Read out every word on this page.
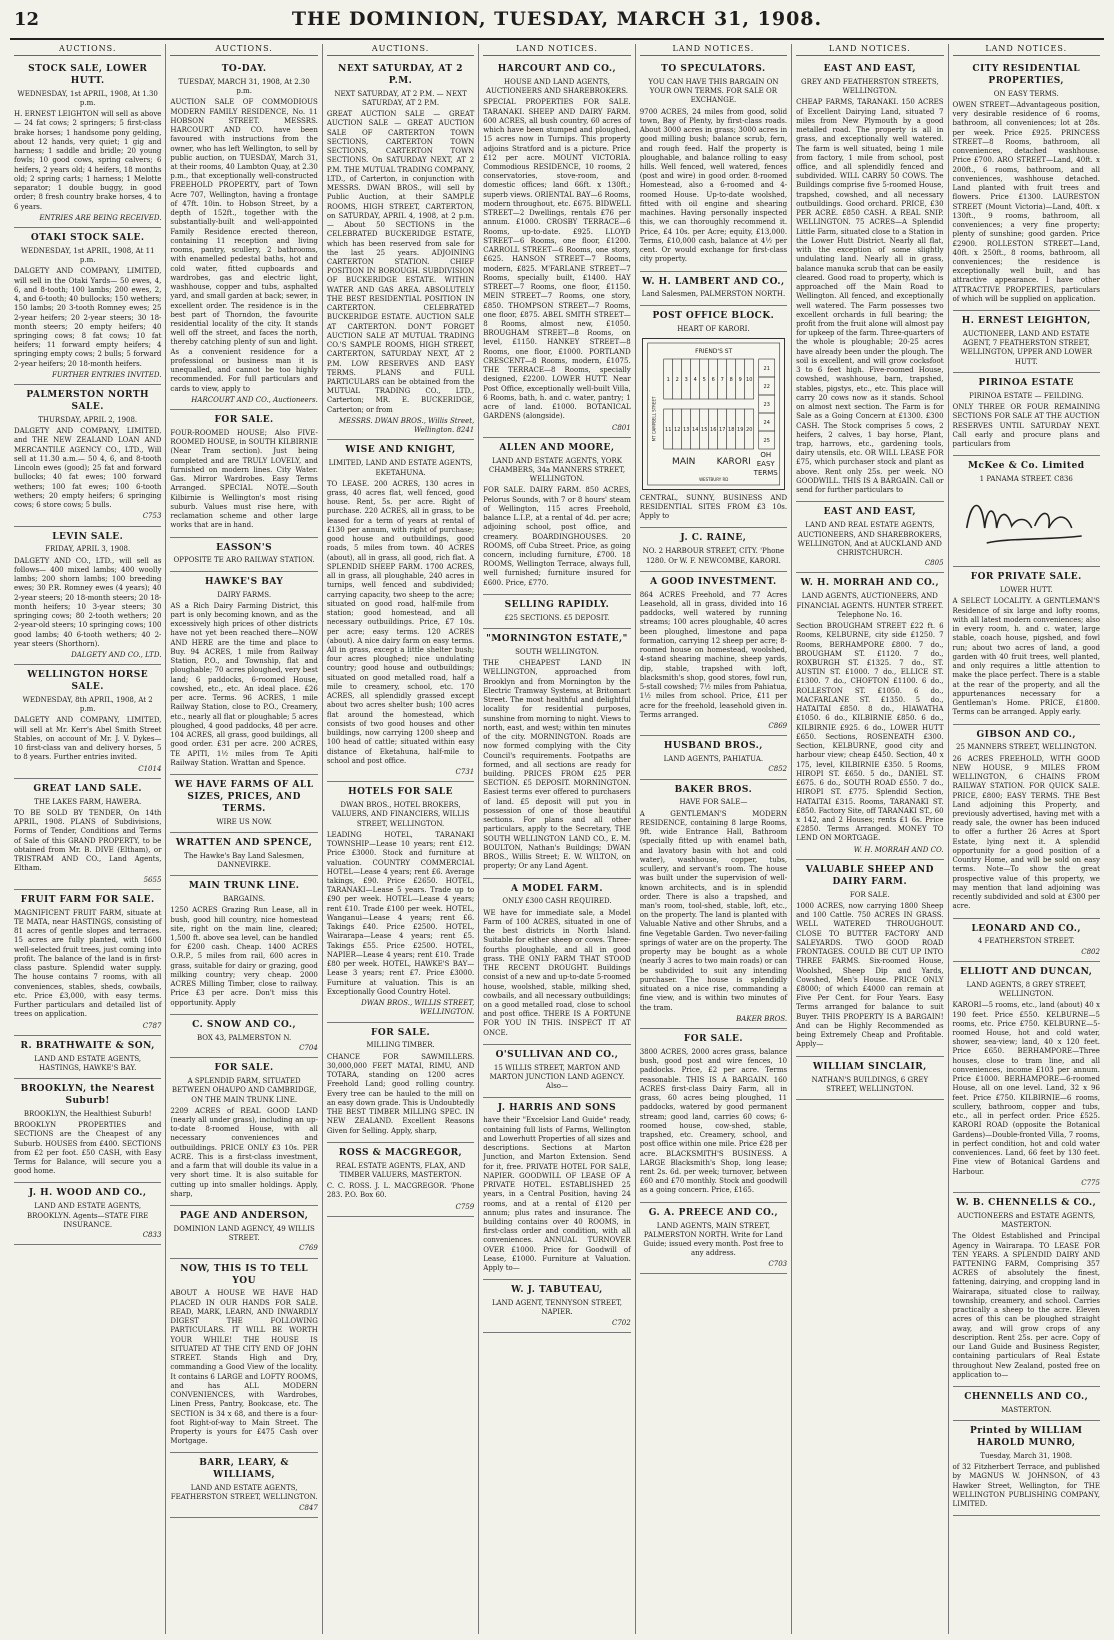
12	THE DOMINION, TUESDAY, MARCH 31, 1908.
AUCTIONS.
STOCK SALE, LOWER HUTT.
WEDNESDAY, 1st APRIL, 1908, At 1.30 p.m.
H. ERNEST LEIGHTON will sell as above— 24 fat cows; 2 springers; 5 first-class brake horses; 1 handsome pony gelding, about 12 hands, very quiet; 1 gig and harness; 1 saddle and bridle; 20 young fowls; 10 good cows, spring calvers; 6 heifers, 2 years old; 4 heifers, 18 months old; 2 spring carts; 1 harness; 1 Melotte separator; 1 double buggy, in good order; 8 fresh country brake horses, 4 to 6 years.
ENTRIES ARE BEING RECEIVED.
OTAKI STOCK SALE.
WEDNESDAY, 1st APRIL, 1908, At 11 p.m.
DALGETY AND COMPANY, LIMITED, will sell in the Otaki Yards— 50 ewes, 4, 6, and 8-tooth; 100 lambs; 200 ewes, 2, 4, and 6-tooth; 40 bullocks; 150 wethers; 150 lambs; 20 3-tooth Romney ewes; 25 2-year heifers; 20 2-year steers; 30 18-month steers; 20 empty heifers; 40 springing cows; 8 fat cows; 10 fat heifers; 11 forward empty heifers; 4 springing empty cows; 2 bulls; 5 forward 2-year heifers; 20 18-month heifers.
FURTHER ENTRIES INVITED.
PALMERSTON NORTH SALE.
THURSDAY, APRIL 2, 1908.
DALGETY AND COMPANY, LIMITED, and THE NEW ZEALAND LOAN AND MERCANTILE AGENCY CO., LTD., Will sell at 11.30 a.m.— 50 4, 6, and 8-tooth Lincoln ewes (good); 25 fat and forward bullocks; 40 fat ewes; 100 forward wethers; 100 fat ewes; 100 6-tooth wethers; 20 empty heifers; 6 springing cows; 6 store cows; 5 bulls.
C753
LEVIN SALE.
FRIDAY, APRIL 3, 1908.
DALGETY AND CO., LTD., will sell as follows— 400 mixed lambs; 400 woolly lambs; 200 shorn lambs; 100 breeding ewes; 30 P.R. Romney ewes (4 years); 40 2-year steers; 20 18-month steers; 20 18-month heifers; 10 3-year steers; 30 springing cows; 80 2-tooth wethers; 20 2-year-old steers; 10 springing cows; 100 good lambs; 40 6-tooth wethers; 40 2-year steers (Shorthorn).
DALGETY AND CO., LTD.
WELLINGTON HORSE SALE.
WEDNESDAY, 8th APRIL, 1908, At 2 p.m.
DALGETY AND COMPANY, LIMITED, will sell at Mr. Kerr's Abel Smith Street Stables, on account of Mr. J. V. Dykes— 10 first-class van and delivery horses, 5 to 8 years. Further entries invited.
C1014
GREAT LAND SALE.
THE LAKES FARM, HAWERA.
TO BE SOLD BY TENDER, On 14th APRIL, 1908. PLANS of Subdivisions, Forms of Tender, Conditions and Terms of Sale of this GRAND PROPERTY, to be obtained from Mr. B. DIVE (Eltham), or TRISTRAM AND CO., Land Agents, Eltham.
5655
FRUIT FARM FOR SALE.
MAGNIFICENT FRUIT FARM, situate at TE MATA, near HASTINGS, consisting of 81 acres of gentle slopes and terraces. 15 acres are fully planted, with 1600 well-selected fruit trees, just coming into profit. The balance of the land is in first-class pasture. Splendid water supply. The house contains 7 rooms, with all conveniences, stables, sheds, cowbails, etc. Price £3,000, with easy terms. Further particulars and detailed list of trees on application.
C787
R. BRATHWAITE & SON,
LAND AND ESTATE AGENTS, HASTINGS, HAWKE'S BAY.
BROOKLYN, the Nearest Suburb!
BROOKLYN, the Healthiest Suburb!
BROOKLYN PROPERTIES and SECTIONS are the Cheapest of any Suburb. HOUSES from £400. SECTIONS from £2 per foot. £50 CASH, with Easy Terms for Balance, will secure you a good home.
J. H. WOOD AND CO.,
LAND AND ESTATE AGENTS, BROOKLYN. Agents—STATE FIRE INSURANCE.
C833
AUCTIONS.
TO-DAY.
TUESDAY, MARCH 31, 1908, At 2.30 p.m.
AUCTION SALE OF COMMODIOUS MODERN FAMILY RESIDENCE, No. 11 HOBSON STREET. MESSRS. HARCOURT AND CO. have been favoured with instructions from the owner, who has left Wellington, to sell by public auction, on TUESDAY, March 31, at their rooms, 40 Lambton Quay, at 2.30 p.m., that exceptionally well-constructed FREEHOLD PROPERTY, part of Town Acre 707, Wellington, having a frontage of 47ft. 10in. to Hobson Street, by a depth of 152ft., together with the substantially-built and well-appointed Family Residence erected thereon, containing 11 reception and living rooms, pantry, scullery, 2 bathrooms, with enamelled pedestal baths, hot and cold water, fitted cupboards and wardrobes, gas and electric light, washhouse, copper and tubs, asphalted yard, and small garden at back; sewer, in excellent order. The residence is in the best part of Thorndon, the favourite residential locality of the city. It stands well off the street, and faces the north, thereby catching plenty of sun and light. As a convenient residence for a professional or business man it is unequalled, and cannot be too highly recommended. For full particulars and cards to view, apply to
HARCOURT AND CO., Auctioneers.
FOR SALE.
FOUR-ROOMED HOUSE; Also FIVE-ROOMED HOUSE, in SOUTH KILBIRNIE (Near Tram section). Just being completed and are TRULY LOVELY, and furnished on modern lines. City Water. Gas. Mirror Wardrobes. Easy Terms Arranged. SPECIAL NOTE.—South Kilbirnie is Wellington's most rising suburb. Values must rise here, with reclamation scheme and other large works that are in hand.
EASSON'S
OPPOSITE TE ARO RAILWAY STATION.
HAWKE'S BAY
DAIRY FARMS.
AS a Rich Dairy Farming District, this part is only becoming known, and as the excessively high prices of other districts have not yet been reached there—NOW AND HERE are the time and place to Buy. 94 ACRES, 1 mile from Railway Station, P.O., and Township, flat and ploughable; 70 acres ploughed, very best land; 6 paddocks, 6-roomed House, cowshed, etc., etc. An ideal place. £26 per acre. Terms. 96 ACRES, 1 mile Railway Station, close to P.O., Creamery, etc., nearly all flat or ploughable; 5 acres ploughed, 4 good paddocks, 48 per acre. 104 ACRES, all grass, good buildings, all good order. £31 per acre. 200 ACRES, TE APITI, 1½ miles from Te Apiti Railway Station. Wrattan and Spence.
WE HAVE FARMS OF ALL SIZES, PRICES, AND TERMS.
WIRE US NOW.
WRATTEN AND SPENCE,
The Hawke's Bay Land Salesmen, DANNEVIRKE.
MAIN TRUNK LINE.
BARGAINS.
1250 ACRES Grazing Run Lease, all in bush, good hill country, nice homestead site, right on the main line, cleared; 1,500 ft. above sea level, can be handled for £200 cash. Cheap. 1400 ACRES O.R.P., 5 miles from rail, 600 acres in grass, suitable for dairy or grazing, good milking country; very cheap. 2000 ACRES Milling Timber, close to railway. Price £3 per acre. Don't miss this opportunity. Apply
C. SNOW AND CO.,
BOX 43, PALMERSTON N.
C704
FOR SALE.
A SPLENDID FARM, SITUATED BETWEEN OHAUPO AND CAMBRIDGE, ON THE MAIN TRUNK LINE.
2209 ACRES of REAL GOOD LAND (nearly all under grass), including an up-to-date 8-roomed House, with all necessary conveniences and outbuildings. PRICE ONLY £3 10s. PER ACRE. This is a first-class investment, and a farm that will double its value in a very short time. It is also suitable for cutting up into smaller holdings. Apply, sharp,
PAGE AND ANDERSON,
DOMINION LAND AGENCY, 49 WILLIS STREET.
C769
NOW, THIS IS TO TELL YOU
ABOUT A HOUSE WE HAVE HAD PLACED IN OUR HANDS FOR SALE. READ, MARK, LEARN, AND INWARDLY DIGEST THE FOLLOWING PARTICULARS. IT WILL BE WORTH YOUR WHILE! THE HOUSE IS SITUATED AT THE CITY END OF JOHN STREET. Stands High and Dry, commanding a Good View of the locality. It contains 6 LARGE and LOFTY ROOMS, and has ALL MODERN CONVENIENCES, with Wardrobes, Linen Press, Pantry, Bookcase, etc. The SECTION is 34 x 68, and there is a four-foot Right-of-way to Main Street. The Property is yours for £475 Cash over Mortgage.
BARR, LEARY, & WILLIAMS,
LAND AND ESTATE AGENTS, FEATHERSTON STREET, WELLINGTON.
C847
AUCTIONS.
NEXT SATURDAY, AT 2 P.M.
NEXT SATURDAY, AT 2 P.M. — NEXT SATURDAY, AT 2 P.M.
GREAT AUCTION SALE — GREAT AUCTION SALE — GREAT AUCTION SALE OF CARTERTON TOWN SECTIONS, CARTERTON TOWN SECTIONS, CARTERTON TOWN SECTIONS. On SATURDAY NEXT, AT 2 P.M. THE MUTUAL TRADING COMPANY, LTD., of Carterton, in conjunction with MESSRS. DWAN BROS., will sell by Public Auction, at their SAMPLE ROOMS, HIGH STREET, CARTERTON, on SATURDAY, APRIL 4, 1908, at 2 p.m.— About 50 SECTIONS in the CELEBRATED BUCKERIDGE ESTATE, which has been reserved from sale for the last 25 years. ADJOINING CARTERTON STATION. CHIEF POSITION IN BOROUGH. SUBDIVISION OF BUCKERIDGE ESTATE. WITHIN WATER AND GAS AREA. ABSOLUTELY THE BEST RESIDENTIAL POSITION IN CARTERTON. CELEBRATED BUCKERIDGE ESTATE. AUCTION SALE AT CARTERTON. DON'T FORGET AUCTION SALE AT MUTUAL TRADING CO.'S SAMPLE ROOMS, HIGH STREET, CARTERTON, SATURDAY NEXT, AT 2 P.M. LOW RESERVES AND EASY TERMS. PLANS and FULL PARTICULARS can be obtained from the MUTUAL TRADING CO., LTD., Carterton; MR. E. BUCKERIDGE, Carterton; or from
MESSRS. DWAN BROS., Willis Street, Wellington. 8241
WISE AND KNIGHT,
LIMITED, LAND AND ESTATE AGENTS, EKETAHUNA.
TO LEASE. 200 ACRES, 130 acres in grass, 40 acres flat, well fenced, good house. Rent, 5s. per acre. Right of purchase. 220 ACRES, all in grass, to be leased for a term of years at rental of £130 per annum, with right of purchase; good house and outbuildings, good roads, 5 miles from town. 40 ACRES (about), all in grass, all good, rich flat. A SPLENDID SHEEP FARM. 1700 ACRES, all in grass, all ploughable, 240 acres in turnips, well fenced and subdivided; carrying capacity, two sheep to the acre; situated on good road, half-mile from station; good homestead, and all necessary outbuildings. Price, £7 10s. per acre; easy terms. 120 ACRES (about). A nice dairy farm on easy terms. All in grass, except a little shelter bush; four acres ploughed; nice undulating country; good house and outbuildings; situated on good metalled road, half a mile to creamery, school, etc. 170 ACRES, all splendidly grassed except about two acres shelter bush; 100 acres flat around the homestead, which consists of two good houses and other buildings, now carrying 1200 sheep and 100 head of cattle; situated within easy distance of Eketahuna, half-mile to school and post office.
C731
HOTELS FOR SALE
DWAN BROS., HOTEL BROKERS, VALUERS, AND FINANCIERS, WILLIS STREET, WELLINGTON.
LEADING HOTEL, TARANAKI TOWNSHIP—Lease 10 years; rent £12. Price £3000. Stock and furniture at valuation. COUNTRY COMMERCIAL HOTEL—Lease 4 years; rent £6. Average takings, £90. Price £2650. HOTEL, TARANAKI—Lease 5 years. Trade up to £90 per week. HOTEL—Lease 4 years; rent £10. Trade £100 per week. HOTEL, Wanganui—Lease 4 years; rent £6. Takings £40. Price £2500. HOTEL, Wairarapa—Lease 4 years; rent £5. Takings £55. Price £2500. HOTEL, NAPIER—Lease 4 years; rent £10. Trade £80 per week. HOTEL, HAWKE'S BAY—Lease 3 years; rent £7. Price £3000. Furniture at valuation. This is an Exceptionally Good Country Hotel.
DWAN BROS., WILLIS STREET, WELLINGTON.
FOR SALE.
MILLING TIMBER.
CHANCE FOR SAWMILLERS. 30,000,000 FEET MATAI, RIMU, AND TOTARA, standing on 1200 acres Freehold Land; good rolling country. Every tree can be hauled to the mill on an easy down grade. This is Undoubtedly THE BEST TIMBER MILLING SPEC. IN NEW ZEALAND. Excellent Reasons Given for Selling. Apply, sharp,
ROSS & MACGREGOR,
REAL ESTATE AGENTS, FLAX, AND TIMBER VALUERS, MASTERTON.
C. C. ROSS. J. L. MACGREGOR. 'Phone 283. P.O. Box 60.
C759
LAND NOTICES.
HARCOURT AND CO.,
HOUSE AND LAND AGENTS, AUCTIONEERS AND SHAREBROKERS.
SPECIAL PROPERTIES FOR SALE. TARANAKI. SHEEP AND DAIRY FARM. 600 ACRES, all bush country, 60 acres of which have been stumped and ploughed, 15 acres now in Turnips. This property adjoins Stratford and is a picture. Price £12 per acre. MOUNT VICTORIA. Commodious RESIDENCE, 10 rooms, 2 conservatories, stove-room, and domestic offices; land 66ft. x 130ft.; superb views. ORIENTAL BAY—6 Rooms, modern throughout, etc. £675. BIDWELL STREET—2 Dwellings, rentals £76 per annum. £1000. CROSBY TERRACE—6 Rooms, up-to-date. £925. LLOYD STREET—6 Rooms, one floor, £1200. CARROLL STREET—6 Rooms, one story, £625. HANSON STREET—7 Rooms, modern, £825. M'FARLANE STREET—7 Rooms, specially built, £1400. HAY STREET—7 Rooms, one floor, £1150. MEIN STREET—7 Rooms, one story, £850. THOMPSON STREET—7 Rooms, one floor, £875. ABEL SMITH STREET—8 Rooms, almost new, £1050. BROUGHAM STREET—8 Rooms, on level, £1150. HANKEY STREET—8 Rooms, one floor, £1000. PORTLAND CRESCENT—8 Rooms, modern, £1075. THE TERRACE—8 Rooms, specially designed, £2200. LOWER HUTT. Near Post Office, exceptionally well-built Villa, 6 Rooms, bath, h. and c. water, pantry; 1 acre of land. £1000. BOTANICAL GARDENS (alongside).
C801
ALLEN AND MOORE,
LAND AND ESTATE AGENTS, YORK CHAMBERS, 34a MANNERS STREET, WELLINGTON.
FOR SALE. DAIRY FARM. 850 ACRES, Pelorus Sounds, with 7 or 8 hours' steam of Wellington, 115 acres Freehold, balance L.I.P., at a rental of 4d. per acre; adjoining school, post office, and creamery. BOARDINGHOUSES. 20 ROOMS, off Cuba Street. Price, as going concern, including furniture, £700. 18 ROOMS, Wellington Terrace, always full, well furnished; furniture insured for £600. Price, £770.
SELLING RAPIDLY.
£25 SECTIONS. £5 DEPOSIT.
"MORNINGTON ESTATE,"
SOUTH WELLINGTON.
THE CHEAPEST LAND IN WELLINGTON, approached from Brooklyn and from Mornington by the Electric Tramway Systems, at Britomart Street. The most healthful and delightful locality for residential purposes, sunshine from morning to night. Views to north, east, and west; within ten minutes of the city. MORNINGTON. Roads are now formed complying with the City Council's requirements. Footpaths are formed, and all sections are ready for building. PRICES FROM £25 PER SECTION. £5 DEPOSIT. MORNINGTON. Easiest terms ever offered to purchasers of land. £5 deposit will put you in possession of one of those beautiful sections. For plans and all other particulars, apply to the Secretary, THE SOUTH WELLINGTON LAND CO., E. M. BOULTON, Nathan's Buildings; DWAN BROS., Willis Street; E. W. WILTON, on property; Or any Land Agent.
A MODEL FARM.
ONLY £300 CASH REQUIRED.
WE have for immediate sale, a Model Farm of 100 ACRES, situated in one of the best districts in North Island. Suitable for either sheep or cows. Three-fourths ploughable, and all in good grass. THE ONLY FARM THAT STOOD THE RECENT DROUGHT. Buildings consist of a new and up-to-date 5-roomed house, woolshed, stable, milking shed, cowbails, and all necessary outbuildings; on a good metalled road, close to school and post office. THERE IS A FORTUNE FOR YOU IN THIS. INSPECT IT AT ONCE.
O'SULLIVAN AND CO.,
15 WILLIS STREET, MARTON AND MARTON JUNCTION LAND AGENCY. Also—
J. HARRIS AND SONS
have their "Excelsior Land Guide" ready, containing full lists of Farms, Wellington and Lowerhutt Properties of all sizes and descriptions. Sections at Marton Junction, and Marton Extension. Send for it, free. PRIVATE HOTEL FOR SALE, NAPIER. GOODWILL OF LEASE OF A PRIVATE HOTEL. ESTABLISHED 25 years, in a Central Position, having 24 rooms, and at a rental of £120 per annum; plus rates and insurance. The building contains over 40 ROOMS, in first-class order and condition, with all conveniences. ANNUAL TURNOVER OVER £1000. Price for Goodwill of Lease, £1000. Furniture at Valuation. Apply to—
W. J. TABUTEAU,
LAND AGENT, TENNYSON STREET, NAPIER.
C702
LAND NOTICES.
TO SPECULATORS.
YOU CAN HAVE THIS BARGAIN ON YOUR OWN TERMS. FOR SALE OR EXCHANGE.
9700 ACRES, 24 miles from good, solid town, Bay of Plenty, by first-class roads. About 3000 acres in grass; 3000 acres in good milling bush; balance scrub, fern, and rough feed. Half the property is ploughable, and balance rolling to easy hills. Well fenced, well watered, fences (post and wire) in good order. 8-roomed Homestead, also a 6-roomed and 4-roomed House. Up-to-date woolshed, fitted with oil engine and shearing machines. Having personally inspected this, we can thoroughly recommend it. Price, £4 10s. per Acre; equity, £13,000. Terms, £10,000 cash, balance at 4½ per cent. Or would exchange for first-class city property.
W. H. LAMBERT AND CO.,
Land Salesmen, PALMERSTON NORTH.
POST OFFICE BLOCK.
HEART OF KARORI.
FRIEND'S ST
1 2 3 4 5 6 7 8 9 10
11 12 13 14 15 16 17 18 19 20
21
22
23
24
25
MAIN KARORI
OH
EASY
TERMS
MT CAMPBELL STREET
WESTBURY RD
CENTRAL, SUNNY, BUSINESS AND RESIDENTIAL SITES FROM £3 10s. Apply to
J. C. RAINE,
NO. 2 HARBOUR STREET, CITY. 'Phone 1280. Or W. F. NEWCOMBE, KARORI.
A GOOD INVESTMENT.
864 ACRES Freehold, and 77 Acres Leasehold, all in grass, divided into 16 paddocks, well watered by running streams; 100 acres ploughable, 40 acres been ploughed, limestone and papa formation, carrying 12 sheep per acre; 8-roomed house on homestead, woolshed, 4-stand shearing machine, sheep yards, dip, stable, trapshed with loft, blacksmith's shop, good stores, fowl run, 5-stall cowshed; 7½ miles from Pahiatua, 1½ miles from school. Price, £11 per acre for the freehold, leasehold given in. Terms arranged.
C869
HUSBAND BROS.,
LAND AGENTS, PAHIATUA.
C852
BAKER BROS.
HAVE FOR SALE—
A GENTLEMAN'S MODERN RESIDENCE, containing 8 large Rooms, 9ft. wide Entrance Hall, Bathroom (specially fitted up with enamel bath, and lavatory basin with hot and cold water), washhouse, copper, tubs, scullery, and servant's room. The house was built under the supervision of well-known architects, and is in splendid order. There is also a trapshed, and man's room, tool-shed, stable, loft, etc., on the property. The land is planted with Valuable Native and other Shrubs, and a fine Vegetable Garden. Two never-failing springs of water are on the property. The property may be bought as a whole (nearly 3 acres to two main roads) or can be subdivided to suit any intending purchaser. The house is splendidly situated on a nice rise, commanding a fine view, and is within two minutes of the tram.
BAKER BROS.
FOR SALE.
3800 ACRES, 2000 acres grass, balance bush, good post and wire fences, 10 paddocks. Price, £2 per acre. Terms reasonable. THIS IS A BARGAIN. 160 ACRES first-class Dairy Farm, all in grass, 60 acres being ploughed, 11 paddocks, watered by good permanent stream; good land, carries 60 cows; 6-roomed house, cow-shed, stable, trapshed, etc. Creamery, school, and post office within one mile. Price £28 per acre. BLACKSMITH'S BUSINESS. A LARGE Blacksmith's Shop, long lease; rent 2s. 6d. per week; turnover, between £60 and £70 monthly. Stock and goodwill as a going concern. Price, £165.
G. A. PREECE AND CO.,
LAND AGENTS, MAIN STREET, PALMERSTON NORTH. Write for Land Guide; issued every month. Post free to any address.
C703
LAND NOTICES.
EAST AND EAST,
GREY AND FEATHERSTON STREETS, WELLINGTON.
CHEAP FARMS, TARANAKI. 150 ACRES of Excellent Dairying Land, situated 7 miles from New Plymouth by a good metalled road. The property is all in grass, and exceptionally well watered. The farm is well situated, being 1 mile from factory, 1 mile from school, post office, and all splendidly fenced and subdivided. WILL CARRY 50 COWS. The Buildings comprise five 5-roomed House, trapshed, cowshed, and all necessary outbuildings. Good orchard. PRICE, £30 PER ACRE. £850 CASH. A REAL SNIP. WELLINGTON. 75 ACRES—A Splendid Little Farm, situated close to a Station in the Lower Hutt District. Nearly all flat, with the exception of some slightly undulating land. Nearly all in grass, balance manuka scrub that can be easily cleared. Good road to property, which is approached off the Main Road to Wellington. All fenced, and exceptionally well watered. The Farm possesses two excellent orchards in full bearing; the profit from the fruit alone will almost pay for upkeep of the farm. Three-quarters of the whole is ploughable; 20-25 acres have already been under the plough. The soil is excellent, and will grow cocksfoot 3 to 6 feet high. Five-roomed House, cowshed, washhouse, barn, trapshed, stables, pigstys, etc., etc. This place will carry 20 cows now as it stands. School on almost next section. The Farm is for Sale as a Going Concern at £1300. £300 CASH. The Stock comprises 5 cows, 2 heifers, 2 calves, 1 bay horse, Plant, trap, harrows, etc., gardening tools, dairy utensils, etc. OR WILL LEASE FOR £75, which purchaser stock and plant as above. Rent only 25s. per week. NO GOODWILL. THIS IS A BARGAIN. Call or send for further particulars to
EAST AND EAST,
LAND AND REAL ESTATE AGENTS, AUCTIONEERS, AND SHAREBROKERS, WELLINGTON, And at AUCKLAND AND CHRISTCHURCH.
C805
W. H. MORRAH AND CO.,
LAND AGENTS, AUCTIONEERS, AND FINANCIAL AGENTS. HUNTER STREET. Telephone No. 16.
Section BROUGHAM STREET £22 ft. 6 Rooms, KELBURNE, city side £1250. 7 Rooms, BERHAMPORE £800. 7 do., BROUGHAM ST. £1120. 7 do., ROXBURGH ST. £1325. 7 do., ST. AUSTIN ST. £1000. 7 do., ELLICE ST. £1300. 7 do., CHOFTON £1100. 6 do., ROLLESTON ST. £1050. 6 do., MACFARLANE ST. £1350. 5 do., HATAITAI £850. 8 do., HIAWATHA £1050. 6 do., KILBIRNIE £850. 6 do., KILBIRNIE £925. 6 do., LOWER HUTT £650. Sections, ROSENEATH £300. Section, KELBURNE, good city and harbour view; cheap £450. Section, 40 x 175, level, KILBIRNIE £350. 5 Rooms, HIROPI ST. £650. 5 do., DANIEL ST. £675. 6 do., SOUTH ROAD £550. 7 do., HIROPI ST. £775. Splendid Section, HATAITAI £315. Rooms, TARANAKI ST. £850. Factory Site, off TARANAKI ST., 60 x 142, and 2 Houses; rents £1 6s. Price £2850. Terms Arranged. MONEY TO LEND ON MORTGAGE.
W. H. MORRAH AND CO.
VALUABLE SHEEP AND DAIRY FARM.
FOR SALE.
1000 ACRES, now carrying 1800 Sheep and 100 Cattle. 750 ACRES IN GRASS. WELL WATERED THROUGHOUT. CLOSE TO BUTTER FACTORY AND SALEYARDS. TWO GOOD ROAD FRONTAGES. COULD BE CUT UP INTO THREE FARMS. Six-roomed House, Woolshed, Sheep Dip and Yards, Cowshed, Men's House. PRICE ONLY £8000; of which £4000 can remain at Five Per Cent. for Four Years. Easy Terms arranged for balance to suit Buyer. THIS PROPERTY IS A BARGAIN! And can be Highly Recommended as being Extremely Cheap and Profitable. Apply—
WILLIAM SINCLAIR,
NATHAN'S BUILDINGS, 6 GREY STREET, WELLINGTON.
LAND NOTICES.
CITY RESIDENTIAL PROPERTIES,
ON EASY TERMS.
OWEN STREET—Advantageous position, very desirable residence of 6 rooms, bathroom, all conveniences; lot at 28s. per week. Price £925. PRINCESS STREET—8 Rooms, bathroom, all conveniences, detached washhouse. Price £700. ARO STREET—Land, 40ft. x 200ft., 6 rooms, bathroom, and all conveniences, washhouse detached. Land planted with fruit trees and flowers. Price £1300. LAURESTON STREET (Mount Victoria)—Land, 40ft. x 130ft., 9 rooms, bathroom, all conveniences; a very fine property; plenty of sunshine; good garden. Price £2900. ROLLESTON STREET—Land, 40ft. x 250ft., 8 rooms, bathroom, all conveniences; the residence is exceptionally well built, and has attractive appearance. I have other ATTRACTIVE PROPERTIES, particulars of which will be supplied on application.
H. ERNEST LEIGHTON,
AUCTIONEER, LAND AND ESTATE AGENT, 7 FEATHERSTON STREET, WELLINGTON, UPPER AND LOWER HUTT.
PIRINOA ESTATE
PIRINOA ESTATE — FEILDING.
ONLY THREE OR FOUR REMAINING SECTIONS FOR SALE AT THE AUCTION RESERVES UNTIL SATURDAY NEXT. Call early and procure plans and particulars from
McKee & Co. Limited
1 PANAMA STREET. C836
FOR PRIVATE SALE.
LOWER HUTT.
A SELECT LOCALITY. A GENTLEMAN'S Residence of six large and lofty rooms, with all latest modern conveniences; also in every room, h. and c. water, large stable, coach house, pigshed, and fowl run; about two acres of land, a good garden with 40 fruit trees, well planted, and only requires a little attention to make the place perfect. There is a stable at the rear of the property, and all the appurtenances necessary for a Gentleman's Home. PRICE, £1800. Terms can be arranged. Apply early.
GIBSON AND CO.,
25 MANNERS STREET, WELLINGTON.
26 ACRES FREEHOLD, WITH GOOD NEW HOUSE, 9 MILES FROM WELLINGTON, 6 CHAINS FROM RAILWAY STATION. FOR QUICK SALE. PRICE, £800; EASY TERMS. THE Best Land adjoining this Property, and previously advertised, having met with a ready sale, the owner has been induced to offer a further 26 Acres at Sport Estate, lying next it. A splendid opportunity for a good position of a Country Home, and will be sold on easy terms. Note—To show the great prospective value of this property, we may mention that land adjoining was recently subdivided and sold at £300 per acre.
LEONARD AND CO.,
4 FEATHERSTON STREET.
C802
ELLIOTT AND DUNCAN,
LAND AGENTS, 8 GREY STREET, WELLINGTON.
KARORI—5 rooms, etc., land (about) 40 x 190 feet. Price £550. KELBURNE—5 rooms, etc. Price £750. KELBURNE—5-roomed House, hot and cold water, shower, sea-view; land, 40 x 120 feet. Price £650. BERHAMPORE—Three houses, close to tram line, and all conveniences, income £103 per annum. Price £1000. BERHAMPORE—6-roomed House, all on one level. Land, 32 x 96 feet. Price £750. KILBIRNIE—6 rooms, scullery, bathroom, copper and tubs, etc., all in perfect order. Price £525. KARORI ROAD (opposite the Botanical Gardens)—Double-fronted Villa, 7 rooms, in perfect condition, hot and cold water conveniences. Land, 66 feet by 130 feet. Fine view of Botanical Gardens and Harbour.
C775
W. B. CHENNELLS & CO.,
AUCTIONEERS and ESTATE AGENTS, MASTERTON.
The Oldest Established and Principal Agency in Wairarapa. TO LEASE FOR TEN YEARS. A SPLENDID DAIRY AND FATTENING FARM, Comprising 357 ACRES of absolutely the finest, fattening, dairying, and cropping land in Wairarapa, situated close to railway, township, creamery, and school. Carries practically a sheep to the acre. Eleven acres of this can be ploughed straight away, and will grow crops of any description. Rent 25s. per acre. Copy of our Land Guide and Business Register, containing particulars of Real Estate throughout New Zealand, posted free on application to—
CHENNELLS AND CO.,
MASTERTON.
Printed by WILLIAM HAROLD MUNRO,
Tuesday, March 31, 1908.
of 32 Fitzherbert Terrace, and published by MAGNUS W. JOHNSON, of 43 Hawker Street, Wellington, for THE WELLINGTON PUBLISHING COMPANY, LIMITED.
